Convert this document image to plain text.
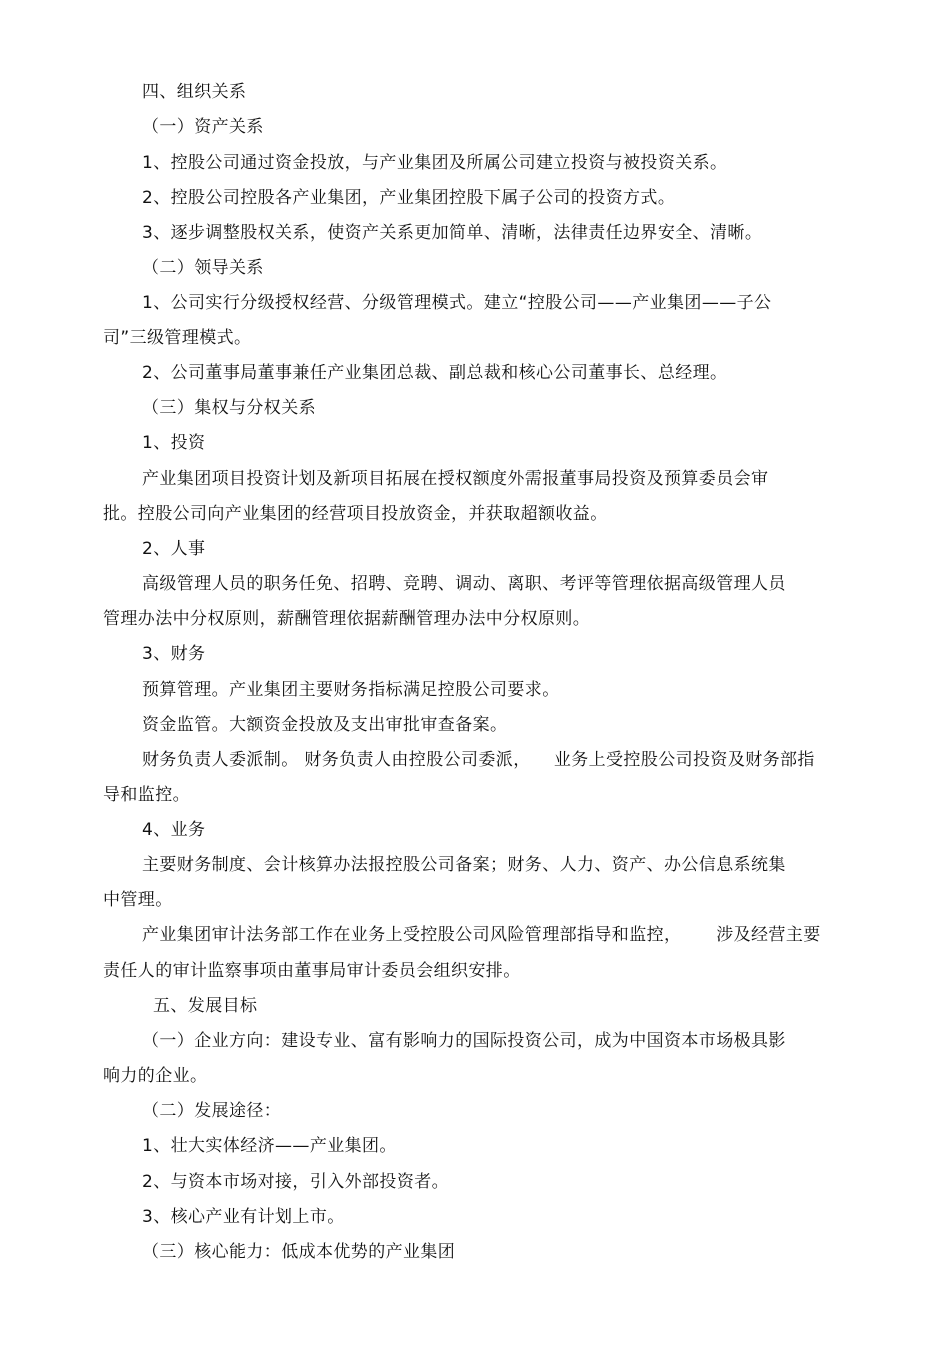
四、组织关系
（一）资产关系
1、控股公司通过资金投放，与产业集团及所属公司建立投资与被投资关系。
2、控股公司控股各产业集团，产业集团控股下属子公司的投资方式。
3、逐步调整股权关系，使资产关系更加简单、清晰，法律责任边界安全、清晰。
（二）领导关系
1、公司实行分级授权经营、分级管理模式。建立“控股公司——产业集团——子公
司”三级管理模式。
2、公司董事局董事兼任产业集团总裁、副总裁和核心公司董事长、总经理。
（三）集权与分权关系
1、投资
产业集团项目投资计划及新项目拓展在授权额度外需报董事局投资及预算委员会审
批。控股公司向产业集团的经营项目投放资金，并获取超额收益。
2、人事
高级管理人员的职务任免、招聘、竞聘、调动、离职、考评等管理依据高级管理人员
管理办法中分权原则，薪酬管理依据薪酬管理办法中分权原则。
3、财务
预算管理。产业集团主要财务指标满足控股公司要求。
资金监管。大额资金投放及支出审批审查备案。
财务负责人委派制。 财务负责人由控股公司委派，    业务上受控股公司投资及财务部指
导和监控。
4、业务
主要财务制度、会计核算办法报控股公司备案；财务、人力、资产、办公信息系统集
中管理。
产业集团审计法务部工作在业务上受控股公司风险管理部指导和监控，      涉及经营主要
责任人的审计监察事项由董事局审计委员会组织安排。
五、发展目标
（一）企业方向：建设专业、富有影响力的国际投资公司，成为中国资本市场极具影
响力的企业。
（二）发展途径：
1、壮大实体经济——产业集团。
2、与资本市场对接，引入外部投资者。
3、核心产业有计划上市。
（三）核心能力：低成本优势的产业集团
